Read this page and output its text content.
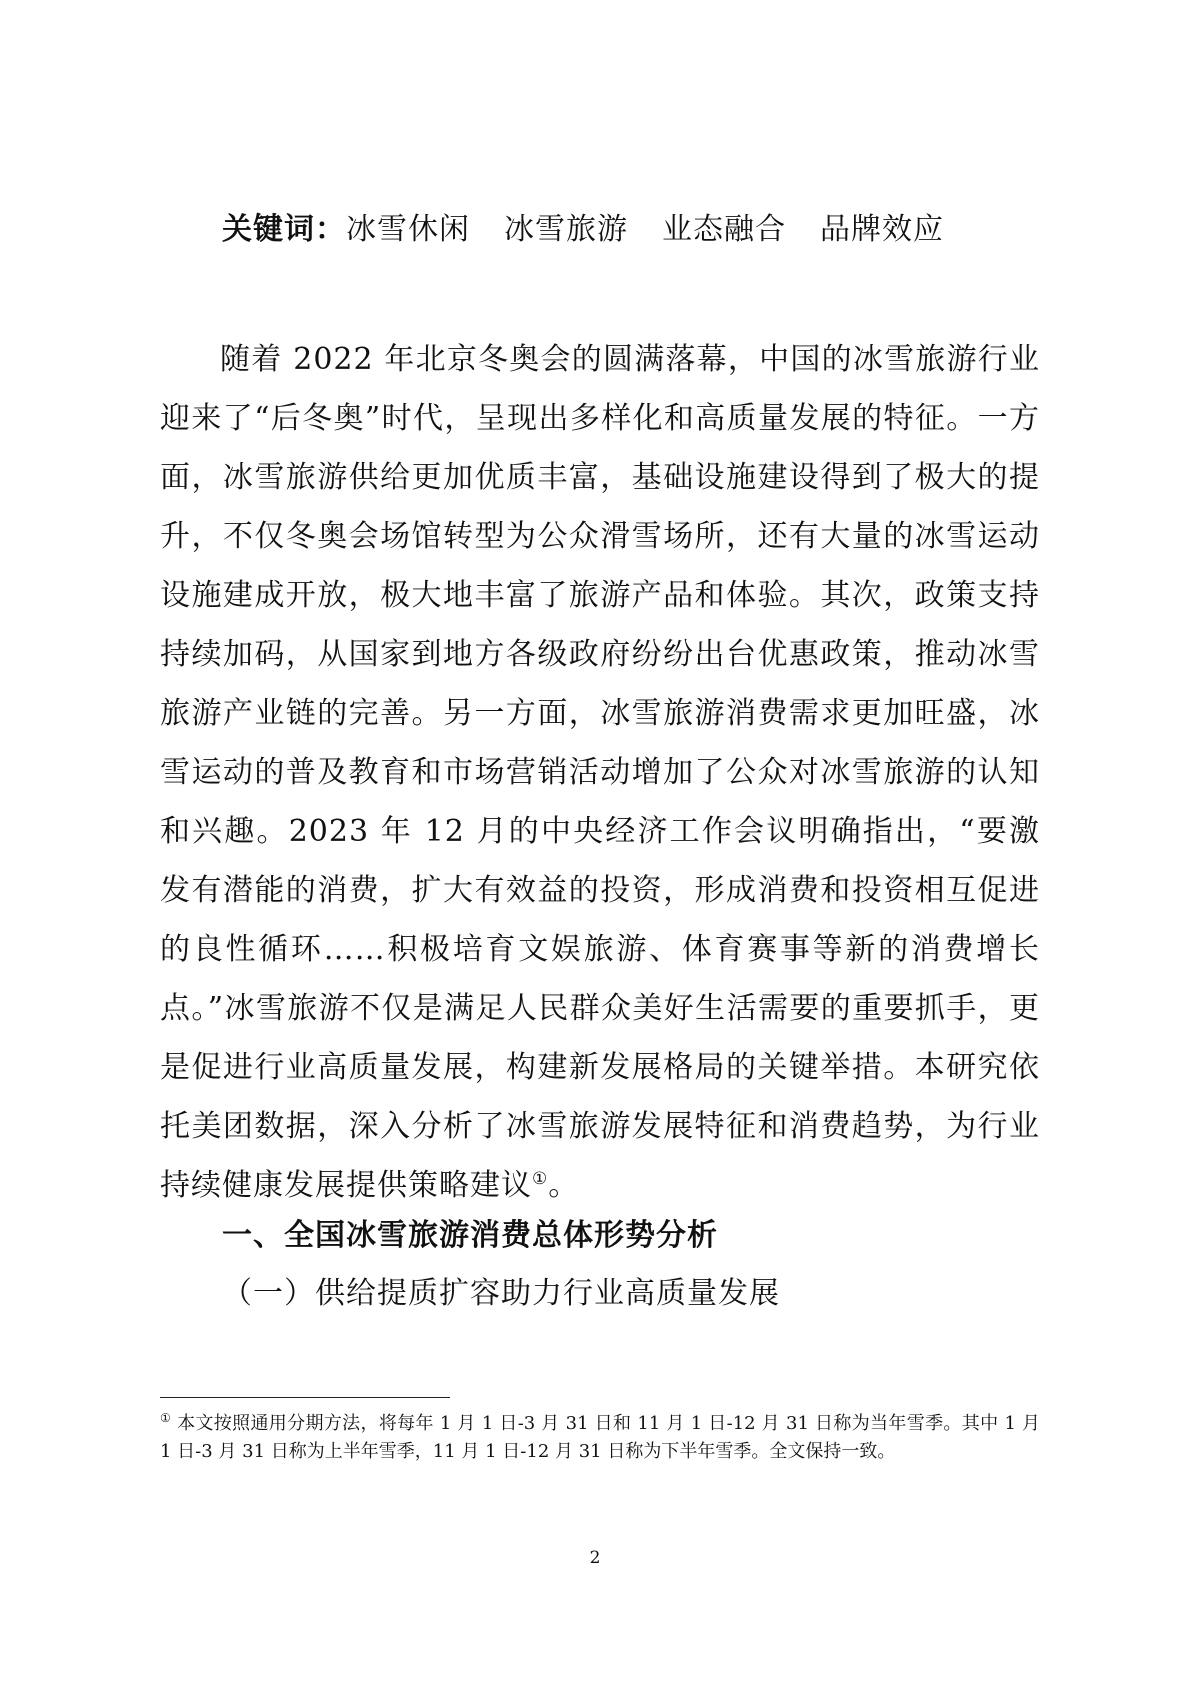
关键词：冰雪休闲 冰雪旅游 业态融合 品牌效应

随着 2022 年北京冬奥会的圆满落幕，中国的冰雪旅游行业迎来了“后冬奥”时代，呈现出多样化和高质量发展的特征。一方面，冰雪旅游供给更加优质丰富，基础设施建设得到了极大的提升，不仅冬奥会场馆转型为公众滑雪场所，还有大量的冰雪运动设施建成开放，极大地丰富了旅游产品和体验。其次，政策支持持续加码，从国家到地方各级政府纷纷出台优惠政策，推动冰雪旅游产业链的完善。另一方面，冰雪旅游消费需求更加旺盛，冰雪运动的普及教育和市场营销活动增加了公众对冰雪旅游的认知和兴趣。2023 年 12 月的中央经济工作会议明确指出，“要激发有潜能的消费，扩大有效益的投资，形成消费和投资相互促进的良性循环……积极培育文娱旅游、体育赛事等新的消费增长点。”冰雪旅游不仅是满足人民群众美好生活需要的重要抓手，更是促进行业高质量发展，构建新发展格局的关键举措。本研究依托美团数据，深入分析了冰雪旅游发展特征和消费趋势，为行业持续健康发展提供策略建议①。

一、全国冰雪旅游消费总体形势分析
（一）供给提质扩容助力行业高质量发展
① 本文按照通用分期方法，将每年 1 月 1 日-3 月 31 日和 11 月 1 日-12 月 31 日称为当年雪季。其中 1 月 1 日-3 月 31 日称为上半年雪季，11 月 1 日-12 月 31 日称为下半年雪季。全文保持一致。
2
